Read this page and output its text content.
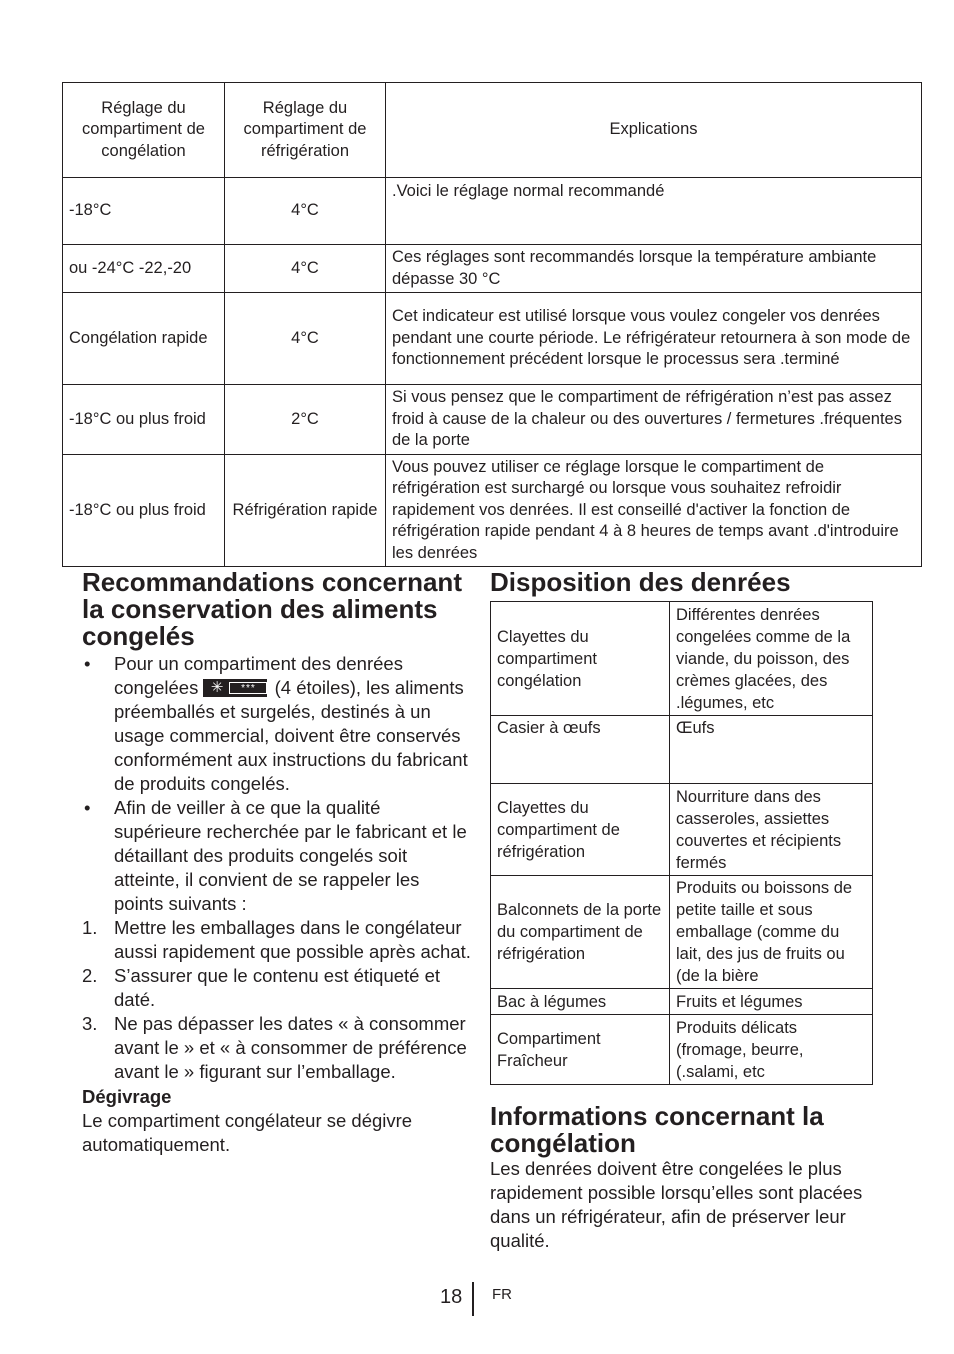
Réglage du compartiment de congélation	Réglage du compartiment de réfrigération	Explications
-18°C	4°C	.Voici le réglage normal recommandé
ou -24°C -22,-20	4°C	Ces réglages sont recommandés lorsque la température ambiante dépasse 30 °C
Congélation rapide	4°C	Cet indicateur est utilisé lorsque vous voulez congeler vos denrées pendant une courte période. Le réfrigérateur retournera à son mode de fonctionnement précédent lorsque le processus sera .terminé
-18°C ou plus froid	2°C	Si vous pensez que le compartiment de réfrigération n’est pas assez froid à cause de la chaleur ou des ouvertures / fermetures .fréquentes de la porte
-18°C ou plus froid	Réfrigération rapide	Vous pouvez utiliser ce réglage lorsque le compartiment de réfrigération est surchargé ou lorsque vous souhaitez refroidir rapidement vos denrées. Il est conseillé d'activer la fonction de réfrigération rapide pendant 4 à 8 heures de temps avant .d'introduire les denrées
Recommandations concernant la conservation des aliments congelés
•	Pour un compartiment des denrées congelées ✳	***	(4 étoiles), les aliments préemballés et surgelés, destinés à un usage commercial, doivent être conservés conformément aux instructions du fabricant de produits congelés.
•	Afin de veiller à ce que la qualité supérieure recherchée par le fabricant et le détaillant des produits congelés soit atteinte, il convient de se rappeler les points suivants :
1. Mettre les emballages dans le congélateur aussi rapidement que possible après achat.
2. S’assurer que le contenu est étiqueté et daté.
3. Ne pas dépasser les dates « à consommer avant le » et « à consommer de préférence avant le » figurant sur l’emballage.
Dégivrage
Le compartiment congélateur se dégivre automatiquement.
Disposition des denrées
Clayettes du compartiment congélation	Différentes denrées congelées comme de la viande, du poisson, des crèmes glacées, des .légumes, etc
Casier à œufs	Œufs
Clayettes du compartiment de réfrigération	Nourriture dans des casseroles, assiettes couvertes et récipients fermés
Balconnets de la porte du compartiment de réfrigération	Produits ou boissons de petite taille et sous emballage (comme du lait, des jus de fruits ou (de la bière
Bac à légumes	Fruits et légumes
Compartiment Fraîcheur	Produits délicats (fromage, beurre, (.salami, etc
Informations concernant la congélation
Les denrées doivent être congelées le plus rapidement possible lorsqu’elles sont placées dans un réfrigérateur, afin de préserver leur qualité.
18 FR
